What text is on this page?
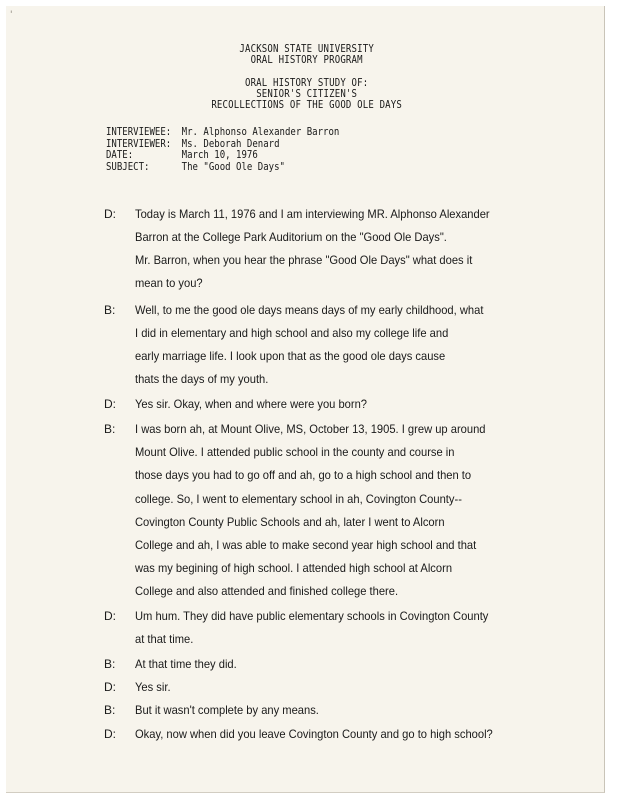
'
JACKSON STATE UNIVERSITY
ORAL HISTORY PROGRAM
ORAL HISTORY STUDY OF:
SENIOR'S CITIZEN'S
RECOLLECTIONS OF THE GOOD OLE DAYS
INTERVIEWEE: Mr. Alphonso Alexander Barron
INTERVIEWER: Ms. Deborah Denard
DATE:	March 10, 1976
SUBJECT:	The "Good Ole Days"
D: Today is March 11, 1976 and I am interviewing MR. Alphonso Alexander
Barron at the College Park Auditorium on the "Good Ole Days".
Mr. Barron, when you hear the phrase "Good Ole Days" what does it
mean to you?
B: Well, to me the good ole days means days of my early childhood, what
I did in elementary and high school and also my college life and
early marriage life. I look upon that as the good ole days cause
thats the days of my youth.
D: Yes sir. Okay, when and where were you born?
B: I was born ah, at Mount Olive, MS, October 13, 1905. I grew up around
Mount Olive. I attended public school in the county and course in
those days you had to go off and ah, go to a high school and then to
college. So, I went to elementary school in ah, Covington County--
Covington County Public Schools and ah, later I went to Alcorn
College and ah, I was able to make second year high school and that
was my begining of high school. I attended high school at Alcorn
College and also attended and finished college there.
D: Um hum. They did have public elementary schools in Covington County
at that time.
B: At that time they did.
D: Yes sir.
B: But it wasn't complete by any means.
D: Okay, now when did you leave Covington County and go to high school?
